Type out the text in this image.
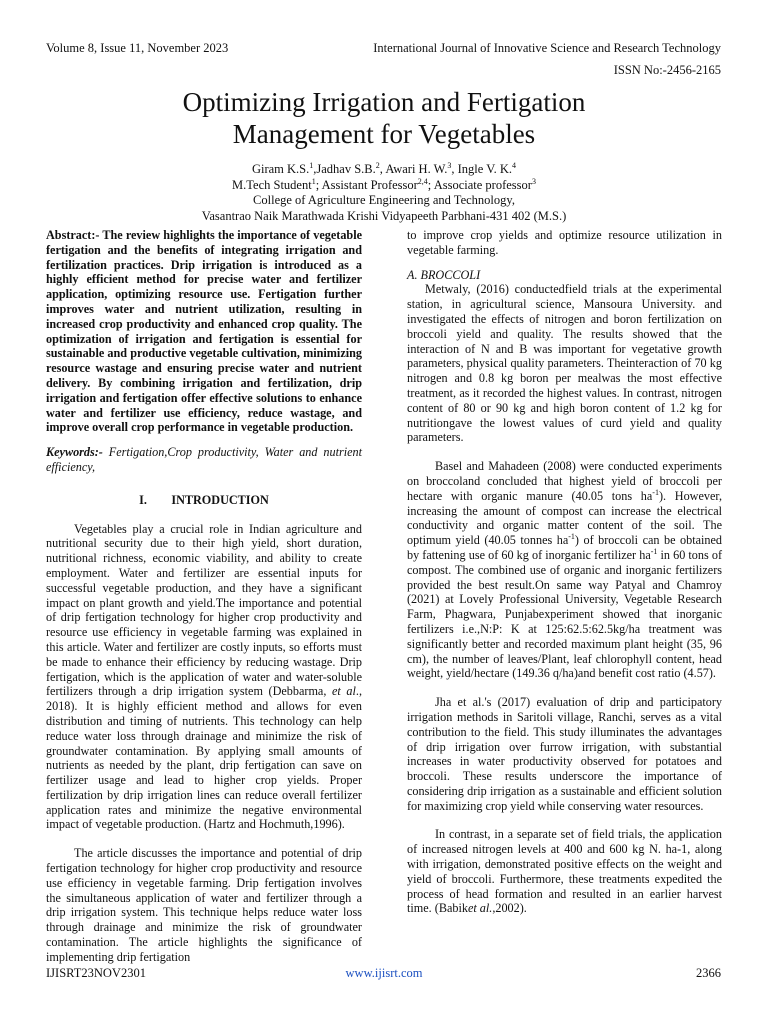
Volume 8, Issue 11, November 2023	International Journal of Innovative Science and Research Technology
ISSN No:-2456-2165
Optimizing Irrigation and Fertigation
Management for Vegetables
Giram K.S.$^1$,Jadhav S.B.$^2$, Awari H. W.$^3$, Ingle V. K.$^4$
M.Tech Student$^1$; Assistant Professor$^{2,4}$; Associate professor$^3$
College of Agriculture Engineering and Technology,
Vasantrao Naik Marathwada Krishi Vidyapeeth Parbhani-431 402 (M.S.)

Abstract:- The review highlights the importance of vegetable fertigation and the benefits of integrating irrigation and fertilization practices. Drip irrigation is introduced as a highly efficient method for precise water and fertilizer application, optimizing resource use. Fertigation further improves water and nutrient utilization, resulting in increased crop productivity and enhanced crop quality. The optimization of irrigation and fertigation is essential for sustainable and productive vegetable cultivation, minimizing resource wastage and ensuring precise water and nutrient delivery. By combining irrigation and fertilization, drip irrigation and fertigation offer effective solutions to enhance water and fertilizer use efficiency, reduce wastage, and improve overall crop performance in vegetable production.

Keywords:- Fertigation,Crop productivity, Water and nutrient efficiency,

I.        INTRODUCTION

Vegetables play a crucial role in Indian agriculture and nutritional security due to their high yield, short duration, nutritional richness, economic viability, and ability to create employment. Water and fertilizer are essential inputs for successful vegetable production, and they have a significant impact on plant growth and yield.The importance and potential of drip fertigation technology for higher crop productivity and resource use efficiency in vegetable farming was explained in this article. Water and fertilizer are costly inputs, so efforts must be made to enhance their efficiency by reducing wastage. Drip fertigation, which is the application of water and water-soluble fertilizers through a drip irrigation system (Debbarma, et al., 2018). It is highly efficient method and allows for even distribution and timing of nutrients. This technology can help reduce water loss through drainage and minimize the risk of groundwater contamination. By applying small amounts of nutrients as needed by the plant, drip fertigation can save on fertilizer usage and lead to higher crop yields. Proper fertilization by drip irrigation lines can reduce overall fertilizer application rates and minimize the negative environmental impact of vegetable production. (Hartz and Hochmuth,1996).

The article discusses the importance and potential of drip fertigation technology for higher crop productivity and resource use efficiency in vegetable farming. Drip fertigation involves the simultaneous application of water and fertilizer through a drip irrigation system. This technique helps reduce water loss through drainage and minimize the risk of groundwater contamination. The article highlights the significance of implementing drip fertigation

to improve crop yields and optimize resource utilization in vegetable farming.

A. BROCCOLI

Metwaly, (2016) conductedfield trials at the experimental station, in agricultural science, Mansoura University. and investigated the effects of nitrogen and boron fertilization on broccoli yield and quality. The results showed that the interaction of N and B was important for vegetative growth parameters, physical quality parameters. Theinteraction of 70 kg nitrogen and 0.8 kg boron per mealwas the most effective treatment, as it recorded the highest values. In contrast, nitrogen content of 80 or 90 kg and high boron content of 1.2 kg for nutritiongave the lowest values of curd yield and quality parameters.

Basel and Mahadeen (2008) were conducted experiments on broccoland concluded that highest yield of broccoli per hectare with organic manure (40.05 tons $ha^{-1}$). However, increasing the amount of compost can increase the electrical conductivity and organic matter content of the soil. The optimum yield (40.05 tonnes $ha^{-1}$) of broccoli can be obtained by fattening use of 60 kg of inorganic fertilizer $ha^{-1}$ in 60 tons of compost. The combined use of organic and inorganic fertilizers provided the best result.On same way Patyal and Chamroy (2021) at Lovely Professional University, Vegetable Research Farm, Phagwara, Punjabexperiment showed that inorganic fertilizers i.e.,N:P: K at 125:62.5:62.5kg/ha treatment was significantly better and recorded maximum plant height (35, 96 cm), the number of leaves/Plant, leaf chlorophyll content, head weight, yield/hectare (149.36 q/ha)and benefit cost ratio (4.57).

Jha et al.'s (2017) evaluation of drip and participatory irrigation methods in Saritoli village, Ranchi, serves as a vital contribution to the field. This study illuminates the advantages of drip irrigation over furrow irrigation, with substantial increases in water productivity observed for potatoes and broccoli. These results underscore the importance of considering drip irrigation as a sustainable and efficient solution for maximizing crop yield while conserving water resources.

In contrast, in a separate set of field trials, the application of increased nitrogen levels at 400 and 600 kg N. ha-1, along with irrigation, demonstrated positive effects on the weight and yield of broccoli. Furthermore, these treatments expedited the process of head formation and resulted in an earlier harvest time. (Babiket al.,2002).

IJISRT23NOV2301	www.ijisrt.com	2366
